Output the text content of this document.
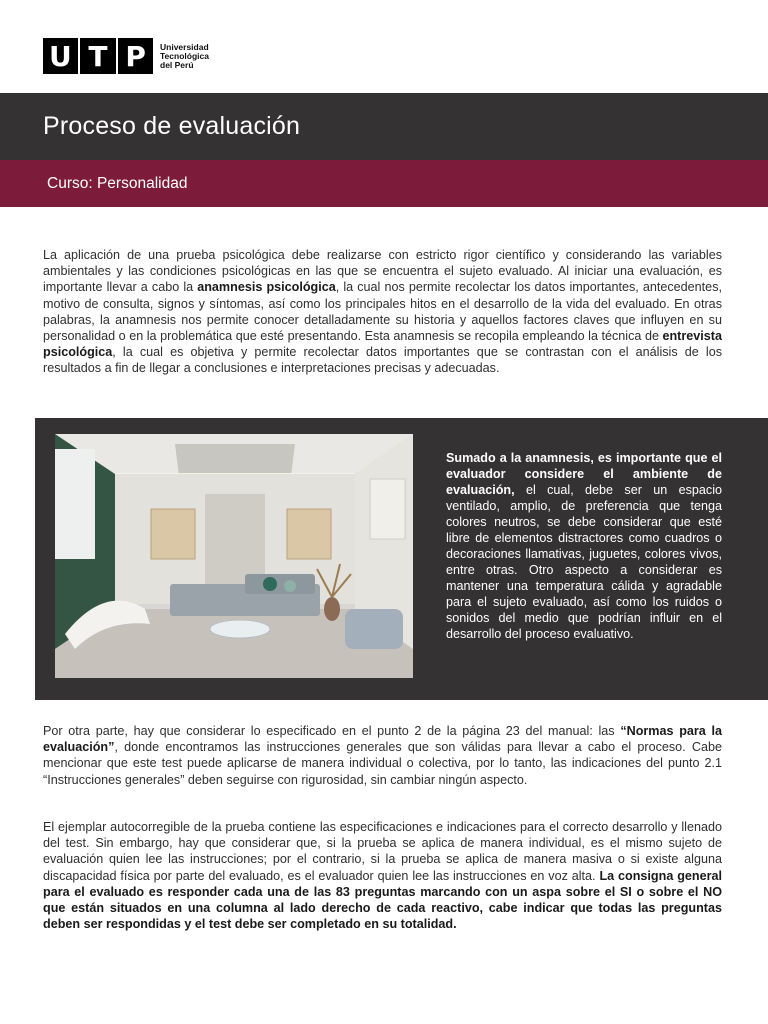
U T P	Universidad
Tecnológica
del Perú
Proceso de evaluación
Curso: Personalidad
La aplicación de una prueba psicológica debe realizarse con estricto rigor científico y considerando las variables ambientales y las condiciones psicológicas en las que se encuentra el sujeto evaluado. Al iniciar una evaluación, es importante llevar a cabo la anamnesis psicológica, la cual nos permite recolectar los datos importantes, antecedentes, motivo de consulta, signos y síntomas, así como los principales hitos en el desarrollo de la vida del evaluado. En otras palabras, la anamnesis nos permite conocer detalladamente su historia y aquellos factores claves que influyen en su personalidad o en la problemática que esté presentando. Esta anamnesis se recopila empleando la técnica de entrevista psicológica, la cual es objetiva y permite recolectar datos importantes que se contrastan con el análisis de los resultados a fin de llegar a conclusiones e interpretaciones precisas y adecuadas.
Sumado a la anamnesis, es importante que el evaluador considere el ambiente de evaluación, el cual, debe ser un espacio ventilado, amplio, de preferencia que tenga colores neutros, se debe considerar que esté libre de elementos distractores como cuadros o decoraciones llamativas, juguetes, colores vivos, entre otras. Otro aspecto a considerar es mantener una temperatura cálida y agradable para el sujeto evaluado, así como los ruidos o sonidos del medio que podrían influir en el desarrollo del proceso evaluativo.
Por otra parte, hay que considerar lo especificado en el punto 2 de la página 23 del manual: las “Normas para la evaluación”, donde encontramos las instrucciones generales que son válidas para llevar a cabo el proceso. Cabe mencionar que este test puede aplicarse de manera individual o colectiva, por lo tanto, las indicaciones del punto 2.1 “Instrucciones generales” deben seguirse con rigurosidad, sin cambiar ningún aspecto.
El ejemplar autocorregible de la prueba contiene las especificaciones e indicaciones para el correcto desarrollo y llenado del test. Sin embargo, hay que considerar que, si la prueba se aplica de manera individual, es el mismo sujeto de evaluación quien lee las instrucciones; por el contrario, si la prueba se aplica de manera masiva o si existe alguna discapacidad física por parte del evaluado, es el evaluador quien lee las instrucciones en voz alta. La consigna general para el evaluado es responder cada una de las 83 preguntas marcando con un aspa sobre el SI o sobre el NO que están situados en una columna al lado derecho de cada reactivo, cabe indicar que todas las preguntas deben ser respondidas y el test debe ser completado en su totalidad.
